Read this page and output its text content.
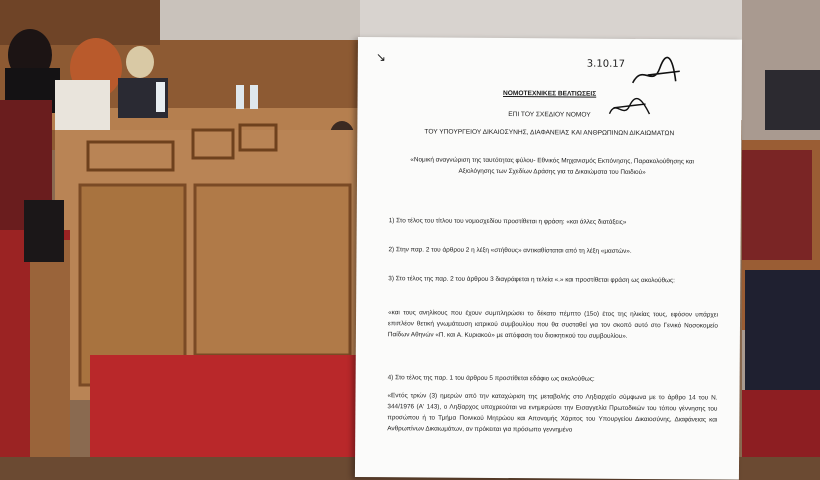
↘
3.10.17
ΝΟΜΟΤΕΧΝΙΚΕΣ ΒΕΛΤΙΩΣΕΙΣ
ΕΠΙ ΤΟΥ ΣΧΕΔΙΟΥ ΝΟΜΟΥ
ΤΟΥ ΥΠΟΥΡΓΕΙΟΥ ΔΙΚΑΙΟΣΥΝΗΣ, ΔΙΑΦΑΝΕΙΑΣ ΚΑΙ ΑΝΘΡΩΠΙΝΩΝ ΔΙΚΑΙΩΜΑΤΩΝ
«Νομική αναγνώριση της ταυτότητας φύλου- Εθνικός Μηχανισμός Εκπόνησης, Παρακολούθησης και Αξιολόγησης των Σχεδίων Δράσης για τα Δικαιώματα του Παιδιού»
1) Στο τέλος του τίτλου του νομοσχεδίου προστίθεται η φράση: «και άλλες διατάξεις»
2) Στην παρ. 2 του άρθρου 2 η λέξη «στήθους» αντικαθίσταται από τη λέξη «μαστών».
3) Στο τέλος της παρ. 2 του άρθρου 3 διαγράφεται η τελεία «.» και προστίθεται φράση ως ακολούθως:
«και τους ανηλίκους που έχουν συμπληρώσει το δέκατο πέμπτο (15ο) έτος της ηλικίας τους, εφόσον υπάρχει επιπλέον θετική γνωμάτευση ιατρικού συμβουλίου που θα συσταθεί για τον σκοπό αυτό στο Γενικό Νοσοκομείο Παίδων Αθηνών «Π. και Α. Κυριακού» με απόφαση του διοικητικού του συμβουλίου».
4) Στο τέλος της παρ. 1 του άρθρου 5 προστίθεται εδάφιο ως ακολούθως:
«Εντός τριών (3) ημερών από την καταχώριση της μεταβολής στο Ληξιαρχείο σύμφωνα με το άρθρο 14 του Ν. 344/1976 (Α' 143), ο Ληξίαρχος υποχρεούται να ενημερώσει την Εισαγγελία Πρωτοδικών του τόπου γέννησης του προσώπου ή το Τμήμα Ποινικού Μητρώου και Απονομής Χάριτος του Υπουργείου Δικαιοσύνης, Διαφάνειας και Ανθρωπίνων Δικαιωμάτων, αν πρόκειται για πρόσωπο γεννημένο
